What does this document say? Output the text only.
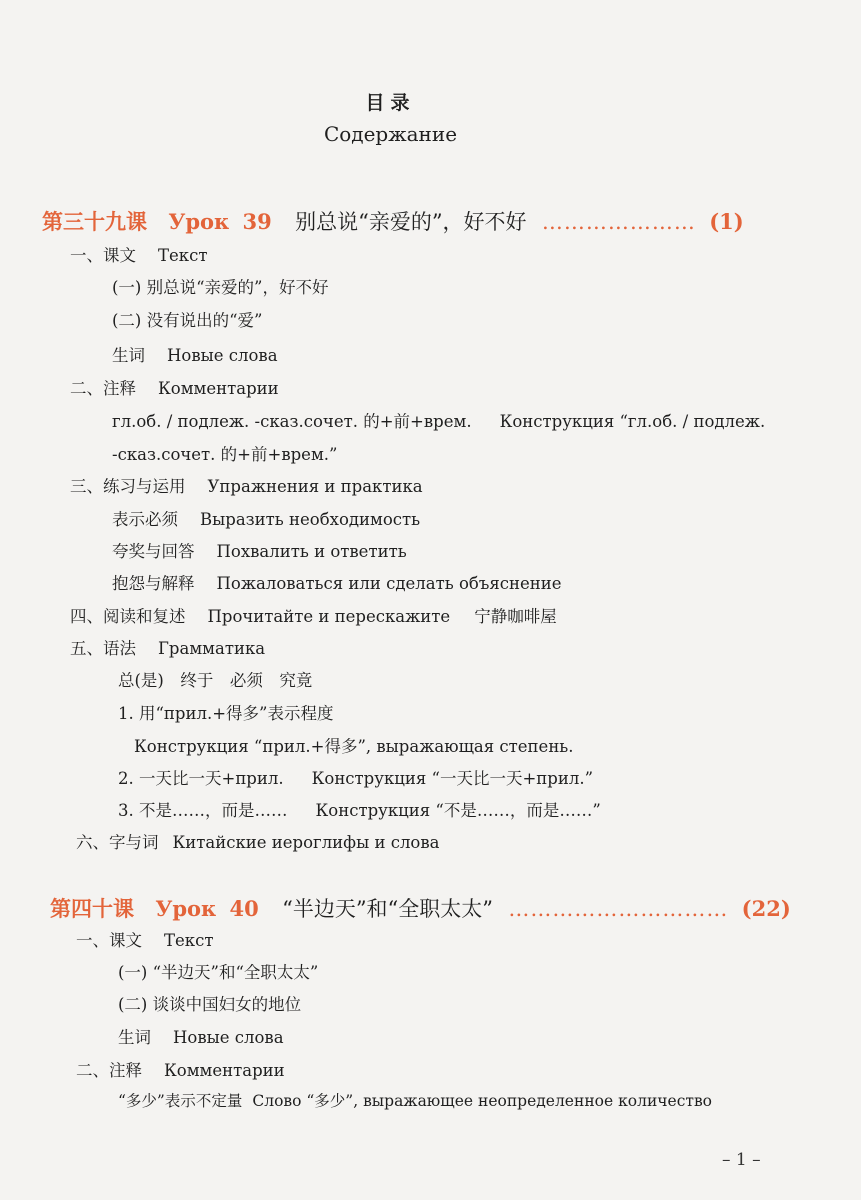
目录
Содержание
第三十九课 Урок 39 别总说“亲爱的”，好不好 ………………… (1)
一、课文 Текст
(一) 别总说“亲爱的”，好不好
(二) 没有说出的“爱”
生词 Новые слова
二、注释 Комментарии
гл.об. / подлеж. -сказ.сочет. 的+前+врем. Конструкция “гл.об. / подлеж.
-сказ.сочет. 的+前+врем.”
三、练习与运用 Упражнения и практика
表示必须 Выразить необходимость
夸奖与回答 Похвалить и ответить
抱怨与解释 Пожаловаться или сделать объяснение
四、阅读和复述 Прочитайте и перескажите 宁静咖啡屋
五、语法 Грамматика
总(是)　终于　必须　究竟
1. 用“прил.+得多”表示程度
Конструкция “прил.+得多”, выражающая степень.
2. 一天比一天+прил. Конструкция “一天比一天+прил.”
3. 不是……，而是…… Конструкция “不是……，而是……”
六、字与词 Китайские иероглифы и слова
第四十课 Урок 40 “半边天”和“全职太太” ………………………… (22)
一、课文 Текст
(一) “半边天”和“全职太太”
(二) 谈谈中国妇女的地位
生词 Новые слова
二、注释 Комментарии
“多少”表示不定量 Слово “多少”, выражающее неопределенное количество
– 1 –
